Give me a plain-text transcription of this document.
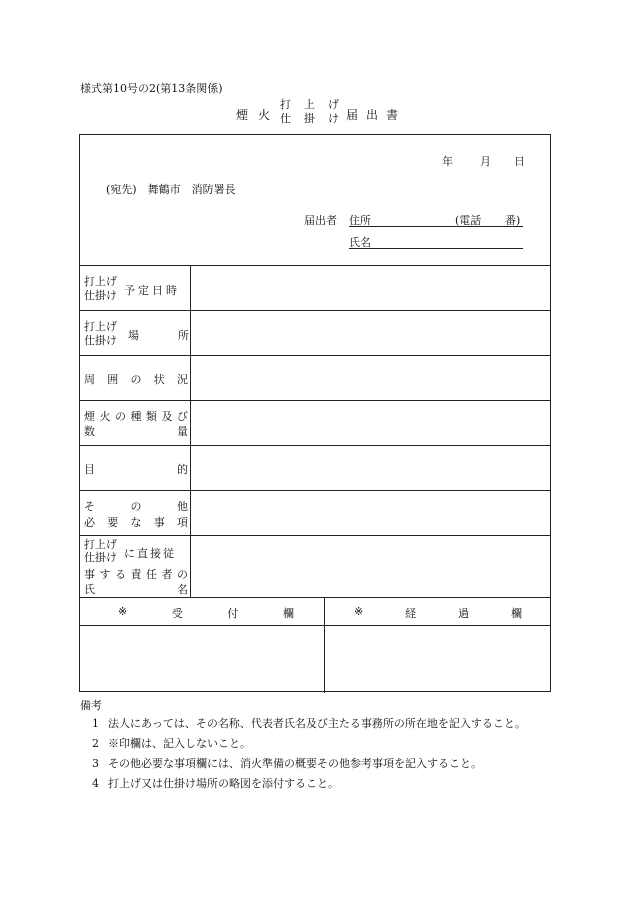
様式第10号の2(第13条関係)
煙 火
打 上 げ
仕 掛 け 届 出 書
年 月 日
(宛先)　舞鶴市　消防署長
届出者 住所	(電話 番)
氏名
打上げ
仕掛け 予定日時
打上げ
仕掛け 場	所
周 囲 の 状 況
煙 火 の 種 類 及 び
数	量
目	的
そ	の	他
必 要 な 事 項
打上げ
仕掛け に直接従
事 す る 責 任 者 の
氏	名
※	受	付	欄	※	経	過	欄
備考
1 法人にあっては、その名称、代表者氏名及び主たる事務所の所在地を記入すること。
2 ※印欄は、記入しないこと。
3 その他必要な事項欄には、消火準備の概要その他参考事項を記入すること。
4 打上げ又は仕掛け場所の略図を添付すること。
